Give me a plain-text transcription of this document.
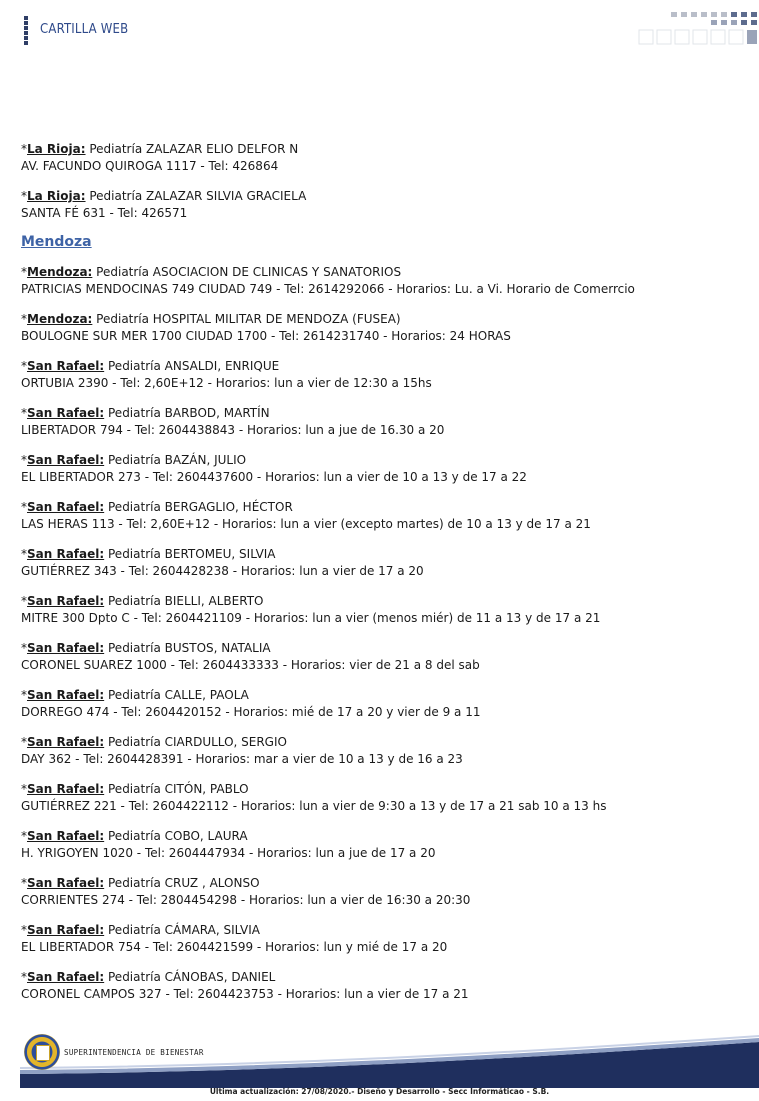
CARTILLA WEB
*La Rioja: Pediatría ZALAZAR ELIO DELFOR N
AV. FACUNDO QUIROGA 1117 - Tel: 426864
*La Rioja: Pediatría ZALAZAR SILVIA GRACIELA
SANTA FÉ 631 - Tel: 426571
Mendoza
*Mendoza: Pediatría ASOCIACION DE CLINICAS Y SANATORIOS
PATRICIAS MENDOCINAS 749 CIUDAD 749 - Tel: 2614292066 - Horarios: Lu. a Vi. Horario de Comerrcio
*Mendoza: Pediatría HOSPITAL MILITAR DE MENDOZA (FUSEA)
BOULOGNE SUR MER 1700 CIUDAD 1700 - Tel: 2614231740 - Horarios: 24 HORAS
*San Rafael: Pediatría ANSALDI, ENRIQUE
ORTUBIA 2390 - Tel: 2,60E+12 - Horarios: lun a vier de 12:30 a 15hs
*San Rafael: Pediatría BARBOD, MARTÍN
LIBERTADOR 794 - Tel: 2604438843 - Horarios: lun a jue de 16.30 a 20
*San Rafael: Pediatría BAZÁN, JULIO
EL LIBERTADOR 273 - Tel: 2604437600 - Horarios: lun a vier de 10 a 13 y de 17 a 22
*San Rafael: Pediatría BERGAGLIO, HÉCTOR
LAS HERAS 113 - Tel: 2,60E+12 - Horarios: lun a vier (excepto martes) de 10 a 13 y de 17 a 21
*San Rafael: Pediatría BERTOMEU, SILVIA
GUTIÉRREZ 343 - Tel: 2604428238 - Horarios: lun a vier de 17 a 20
*San Rafael: Pediatría BIELLI, ALBERTO
MITRE 300 Dpto C - Tel: 2604421109 - Horarios: lun a vier (menos miér) de 11 a 13 y de 17 a 21
*San Rafael: Pediatría BUSTOS, NATALIA
CORONEL SUAREZ 1000 - Tel: 2604433333 - Horarios: vier de 21 a 8 del sab
*San Rafael: Pediatría CALLE, PAOLA
DORREGO 474 - Tel: 2604420152 - Horarios: mié de 17 a 20 y vier de 9 a 11
*San Rafael: Pediatría CIARDULLO, SERGIO
DAY 362 - Tel: 2604428391 - Horarios: mar a vier de 10 a 13 y de 16 a 23
*San Rafael: Pediatría CITÓN, PABLO
GUTIÉRREZ 221 - Tel: 2604422112 - Horarios: lun a vier de 9:30 a 13 y de 17 a 21 sab 10 a 13 hs
*San Rafael: Pediatría COBO, LAURA
H. YRIGOYEN 1020 - Tel: 2604447934 - Horarios: lun a jue de 17 a 20
*San Rafael: Pediatría CRUZ , ALONSO
CORRIENTES 274 - Tel: 2804454298 - Horarios: lun a vier de 16:30 a 20:30
*San Rafael: Pediatría CÁMARA, SILVIA
EL LIBERTADOR 754 - Tel: 2604421599 - Horarios: lun y mié de 17 a 20
*San Rafael: Pediatría CÁNOBAS, DANIEL
CORONEL CAMPOS 327 - Tel: 2604423753 - Horarios: lun a vier de 17 a 21
SUPERINTENDENCIA DE BIENESTAR
Ultima actualización: 27/08/2020.- Diseño y Desarrollo - Secc Informáticao - S.B.
